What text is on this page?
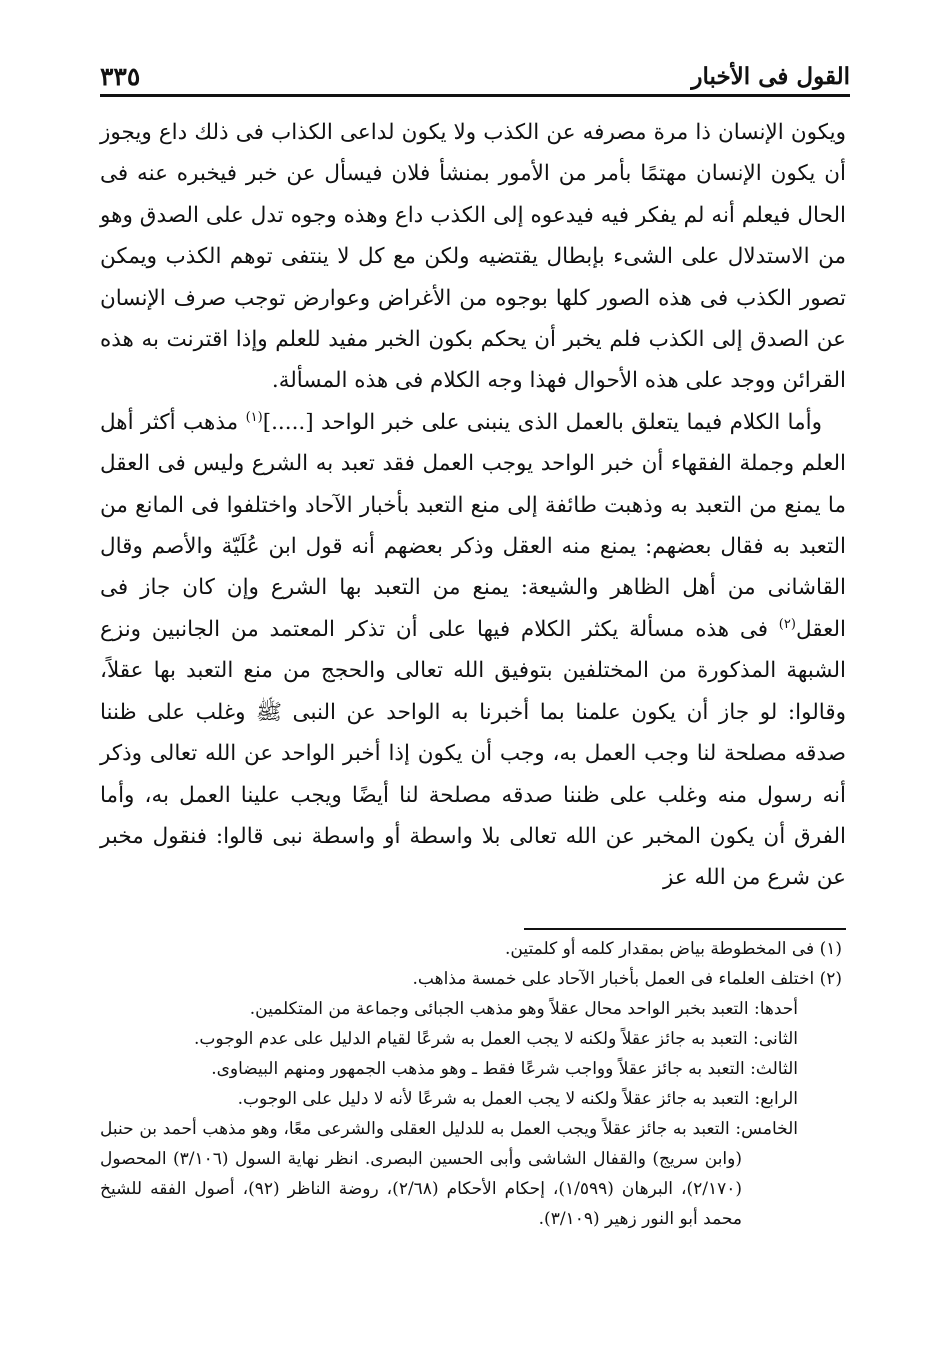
القول فى الأخبار
٣٣٥

ويكون الإنسان ذا مرة مصرفه عن الكذب ولا يكون لداعى الكذاب فى ذلك داع ويجوز أن يكون الإنسان مهتمًا بأمر من الأمور بمنشأ فلان فيسأل عن خبر فيخبره عنه فى الحال فيعلم أنه لم يفكر فيه فيدعوه إلى الكذب داع وهذه وجوه تدل على الصدق وهو من الاستدلال على الشىء بإبطال يقتضيه ولكن مع كل لا ينتفى توهم الكذب ويمكن تصور الكذب فى هذه الصور كلها بوجوه من الأغراض وعوارض توجب صرف الإنسان عن الصدق إلى الكذب فلم يخبر أن يحكم بكون الخبر مفيد للعلم وإذا اقترنت به هذه القرائن ووجد على هذه الأحوال فهذا وجه الكلام فى هذه المسألة.

وأما الكلام فيما يتعلق بالعمل الذى ينبنى على خبر الواحد [.....]$^{(١)}$ مذهب أكثر أهل العلم وجملة الفقهاء أن خبر الواحد يوجب العمل فقد تعبد به الشرع وليس فى العقل ما يمنع من التعبد به وذهبت طائفة إلى منع التعبد بأخبار الآحاد واختلفوا فى المانع من التعبد به فقال بعضهم: يمنع منه العقل وذكر بعضهم أنه قول ابن عُلَيّة والأصم وقال القاشانى من أهل الظاهر والشيعة: يمنع من التعبد بها الشرع وإن كان جاز فى العقل$^{(٢)}$ فى هذه مسألة يكثر الكلام فيها على أن تذكر المعتمد من الجانبين ونزع الشبهة المذكورة من المختلفين بتوفيق الله تعالى والحجج من منع التعبد بها عقلاً، وقالوا: لو جاز أن يكون علمنا بما أخبرنا به الواحد عن النبى ﷺ وغلب على ظننا صدقه مصلحة لنا وجب العمل به، وجب أن يكون إذا أخبر الواحد عن الله تعالى وذكر أنه رسول منه وغلب على ظننا صدقه مصلحة لنا أيضًا ويجب علينا العمل به، وأما الفرق أن يكون المخبر عن الله تعالى بلا واسطة أو واسطة نبى قالوا: فنقول مخبر عن شرع من الله عز

(١) فى المخطوطة بياض بمقدار كلمه أو كلمتين.

(٢) اختلف العلماء فى العمل بأخبار الآحاد على خمسة مذاهب.

أحدها: التعبد بخبر الواحد محال عقلاً وهو مذهب الجبائى وجماعة من المتكلمين.

الثانى: التعبد به جائز عقلاً ولكنه لا يجب العمل به شرعًا لقيام الدليل على عدم الوجوب.

الثالث: التعبد به جائز عقلاً وواجب شرعًا فقط ـ وهو مذهب الجمهور ومنهم البيضاوى.

الرابع: التعبد به جائز عقلاً ولكنه لا يجب العمل به شرعًا لأنه لا دليل على الوجوب.

الخامس: التعبد به جائز عقلاً ويجب العمل به للدليل العقلى والشرعى معًا، وهو مذهب أحمد بن حنبل (وابن سريج) والقفال الشاشى وأبى الحسين البصرى. انظر نهاية السول (٣/١٠٦) المحصول (٢/١٧٠)، البرهان (١/٥٩٩)، إحكام الأحكام (٢/٦٨)، روضة الناظر (٩٢)، أصول الفقه للشيخ محمد أبو النور زهير (٣/١٠٩).
